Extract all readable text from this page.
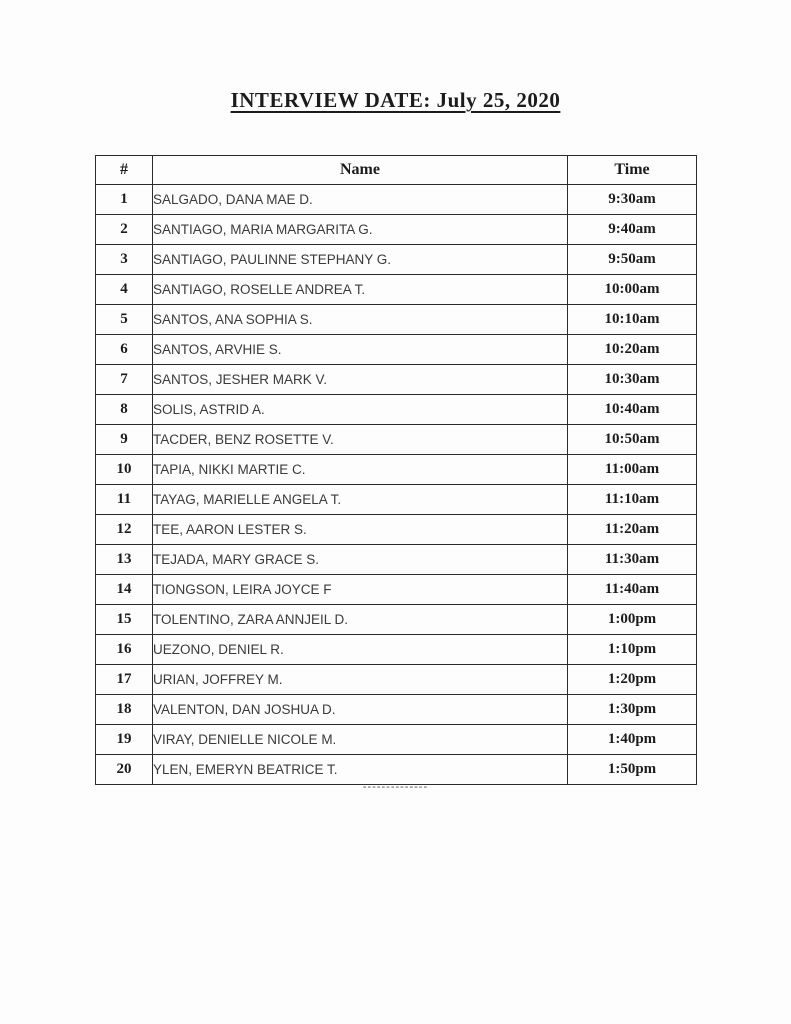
INTERVIEW DATE: July 25, 2020
#	Name	Time
1	SALGADO, DANA MAE D.	9:30am
2	SANTIAGO, MARIA MARGARITA G.	9:40am
3	SANTIAGO, PAULINNE STEPHANY G.	9:50am
4	SANTIAGO, ROSELLE ANDREA T.	10:00am
5	SANTOS, ANA SOPHIA S.	10:10am
6	SANTOS, ARVHIE S.	10:20am
7	SANTOS, JESHER MARK V.	10:30am
8	SOLIS, ASTRID A.	10:40am
9	TACDER, BENZ ROSETTE V.	10:50am
10	TAPIA, NIKKI MARTIE C.	11:00am
11	TAYAG, MARIELLE ANGELA T.	11:10am
12	TEE, AARON LESTER S.	11:20am
13	TEJADA, MARY GRACE S.	11:30am
14	TIONGSON, LEIRA JOYCE F	11:40am
15	TOLENTINO, ZARA ANNJEIL D.	1:00pm
16	UEZONO, DENIEL R.	1:10pm
17	URIAN, JOFFREY M.	1:20pm
18	VALENTON, DAN JOSHUA D.	1:30pm
19	VIRAY, DENIELLE NICOLE M.	1:40pm
20	YLEN, EMERYN BEATRICE T.	1:50pm
--------------
